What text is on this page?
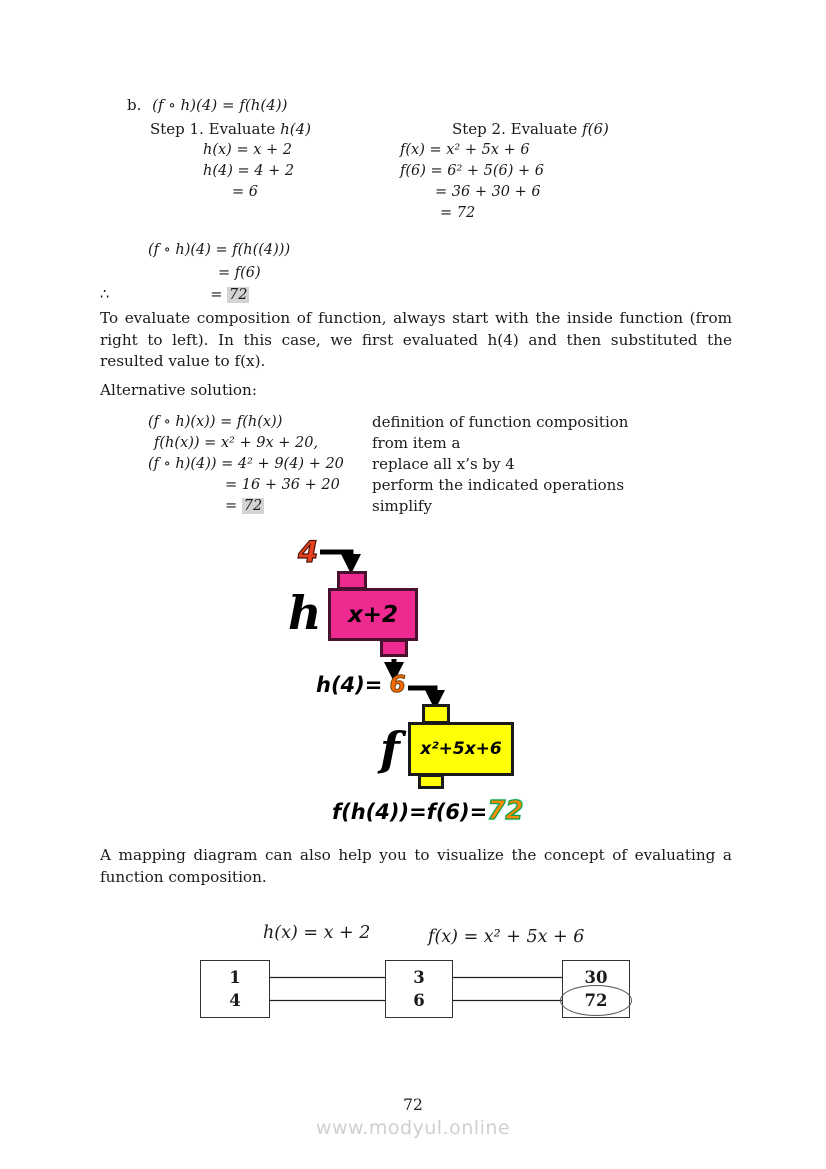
b. (f ∘ h)(4) = f(h(4))
Step 1. Evaluate h(4)
h(x) = x + 2
h(4) = 4 + 2
= 6
Step 2. Evaluate f(6)
f(x) = x² + 5x + 6
f(6) = 6² + 5(6) + 6
= 36 + 30 + 6
= 72
(f ∘ h)(4) = f(h((4)))
= f(6)
∴	= 72
To evaluate composition of function, always start with the inside function (from right to left). In this case, we first evaluated h(4) and then substituted the resulted value to f(x).
Alternative solution:
(f ∘ h)(x)) = f(h(x))	definition of function composition
f(h(x)) = x² + 9x + 20,	from item a
(f ∘ h)(4)) = 4² + 9(4) + 20	replace all x’s by 4
= 16 + 36 + 20	perform the indicated operations
= 72	simplify
4
x+2
h
h(4)= 6
x²+5x+6
f
f(h(4))=f(6)=72
A mapping diagram can also help you to visualize the concept of evaluating a function composition.
h(x) = x + 2	f(x) = x² + 5x + 6
1
4
3
6
30
72
72
www.modyul.online
